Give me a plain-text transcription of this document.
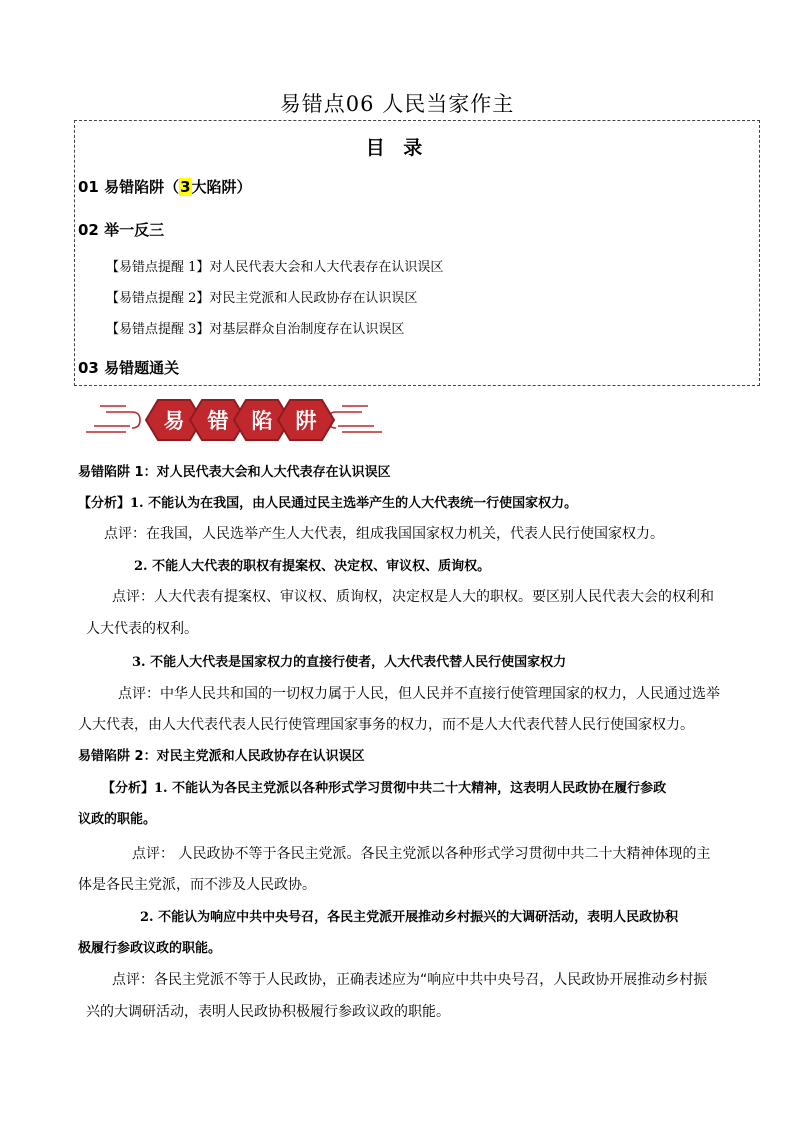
易错点06 人民当家作主
目 录
01 易错陷阱（3大陷阱）
02 举一反三
【易错点提醒 1】对人民代表大会和人大代表存在认识误区
【易错点提醒 2】对民主党派和人民政协存在认识误区
【易错点提醒 3】对基层群众自治制度存在认识误区
03 易错题通关
易 错 陷 阱
易错陷阱 1：对人民代表大会和人大代表存在认识误区
【分析】1. 不能认为在我国，由人民通过民主选举产生的人大代表统一行使国家权力。
点评：在我国，人民选举产生人大代表，组成我国国家权力机关，代表人民行使国家权力。
2. 不能人大代表的职权有提案权、决定权、审议权、质询权。
点评：人大代表有提案权、审议权、质询权，决定权是人大的职权。要区别人民代表大会的权利和
人大代表的权利。
3. 不能人大代表是国家权力的直接行使者，人大代表代替人民行使国家权力
点评：中华人民共和国的一切权力属于人民，但人民并不直接行使管理国家的权力，人民通过选举
人大代表，由人大代表代表人民行使管理国家事务的权力，而不是人大代表代替人民行使国家权力。
易错陷阱 2：对民主党派和人民政协存在认识误区
【分析】1. 不能认为各民主党派以各种形式学习贯彻中共二十大精神，这表明人民政协在履行参政
议政的职能。
点评： 人民政协不等于各民主党派。各民主党派以各种形式学习贯彻中共二十大精神体现的主
体是各民主党派，而不涉及人民政协。
2. 不能认为响应中共中央号召，各民主党派开展推动乡村振兴的大调研活动，表明人民政协积
极履行参政议政的职能。
点评：各民主党派不等于人民政协，正确表述应为“响应中共中央号召，人民政协开展推动乡村振
兴的大调研活动，表明人民政协积极履行参政议政的职能。
